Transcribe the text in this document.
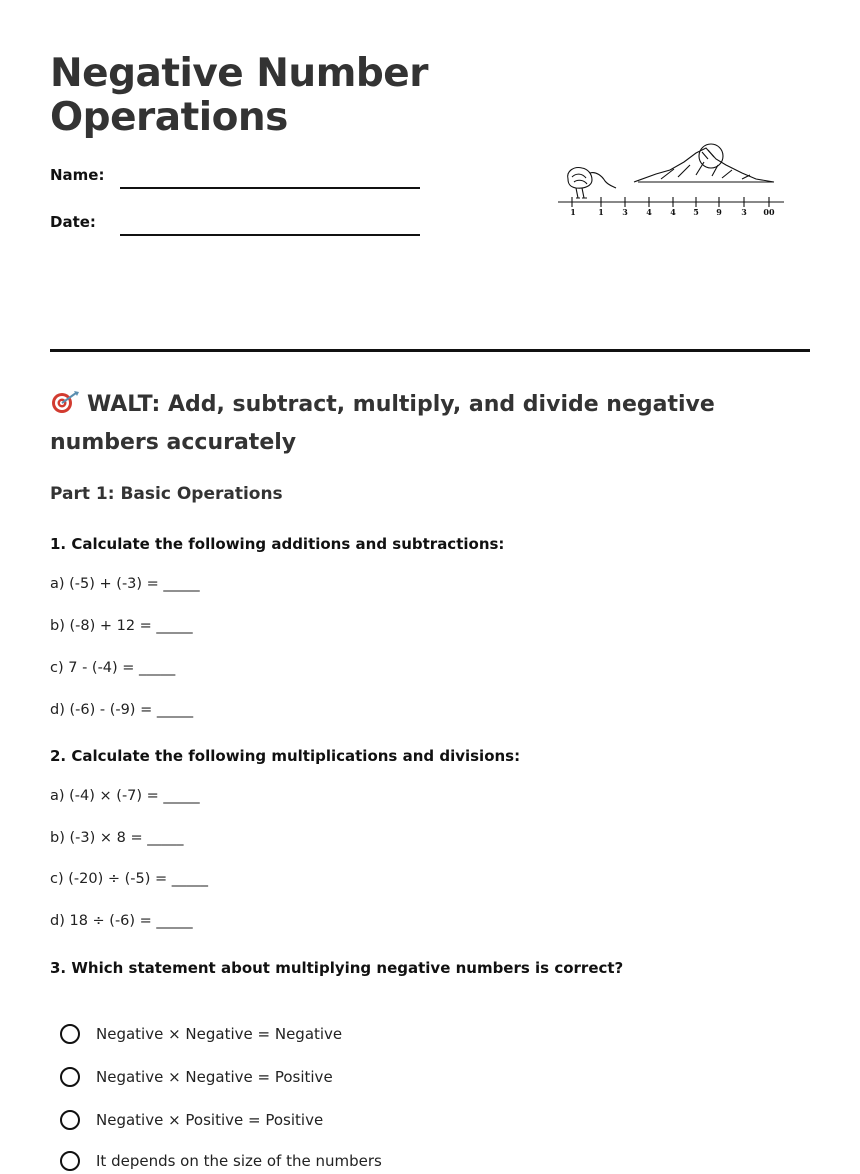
Negative Number
Operations
Name:
Date:
1	1 3 4 4 5 9 3 00
WALT: Add, subtract, multiply, and divide negative numbers accurately
Part 1: Basic Operations
1. Calculate the following additions and subtractions:
a) (-5) + (-3) = _____
b) (-8) + 12 = _____
c) 7 - (-4) = _____
d) (-6) - (-9) = _____
2. Calculate the following multiplications and divisions:
a) (-4) × (-7) = _____
b) (-3) × 8 = _____
c) (-20) ÷ (-5) = _____
d) 18 ÷ (-6) = _____
3. Which statement about multiplying negative numbers is correct?
Negative × Negative = Negative
Negative × Negative = Positive
Negative × Positive = Positive
It depends on the size of the numbers
